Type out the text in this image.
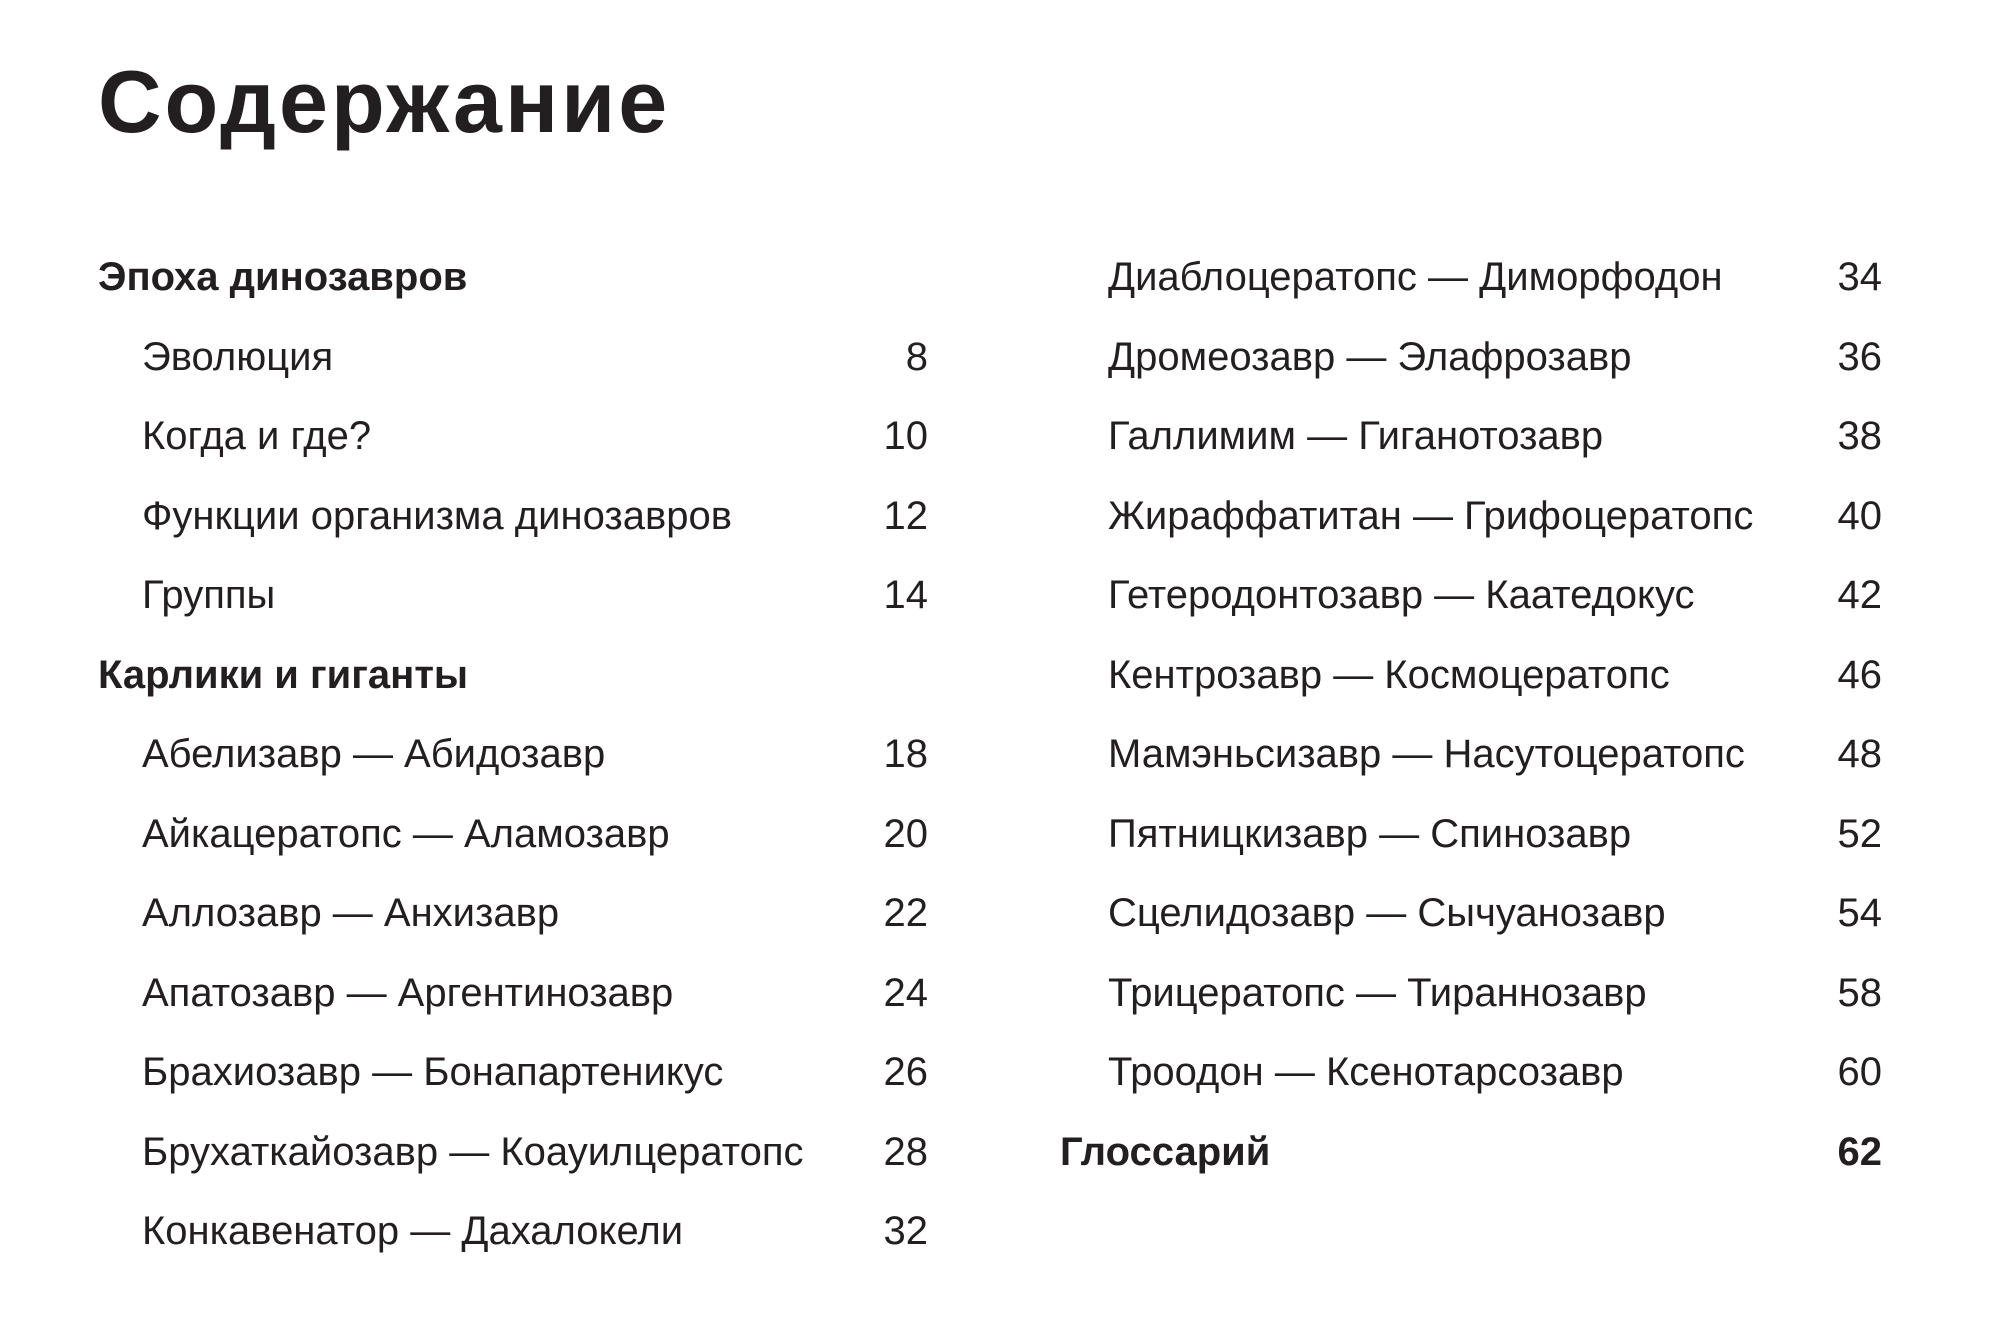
Содержание
Эпоха динозавров
Эволюция	8
Когда и где?	10
Функции организма динозавров	12
Группы	14
Карлики и гиганты
Абелизавр — Абидозавр	18
Айкацератопс — Аламозавр	20
Аллозавр — Анхизавр	22
Апатозавр — Аргентинозавр	24
Брахиозавр — Бонапартеникус	26
Брухаткайозавр — Коауилцератопс 28
Конкавенатор — Дахалокели	32
Диаблоцератопс — Диморфодон	34
Дромеозавр — Элафрозавр	36
Галлимим — Гиганотозавр	38
Жираффатитан — Грифоцератопс 40
Гетеродонтозавр — Каатедокус	42
Кентрозавр — Космоцератопс	46
Мамэньсизавр — Насутоцератопс 48
Пятницкизавр — Спинозавр	52
Сцелидозавр — Сычуанозавр	54
Трицератопс — Тираннозавр	58
Троодон — Ксенотарсозавр	60
Глоссарий	62
